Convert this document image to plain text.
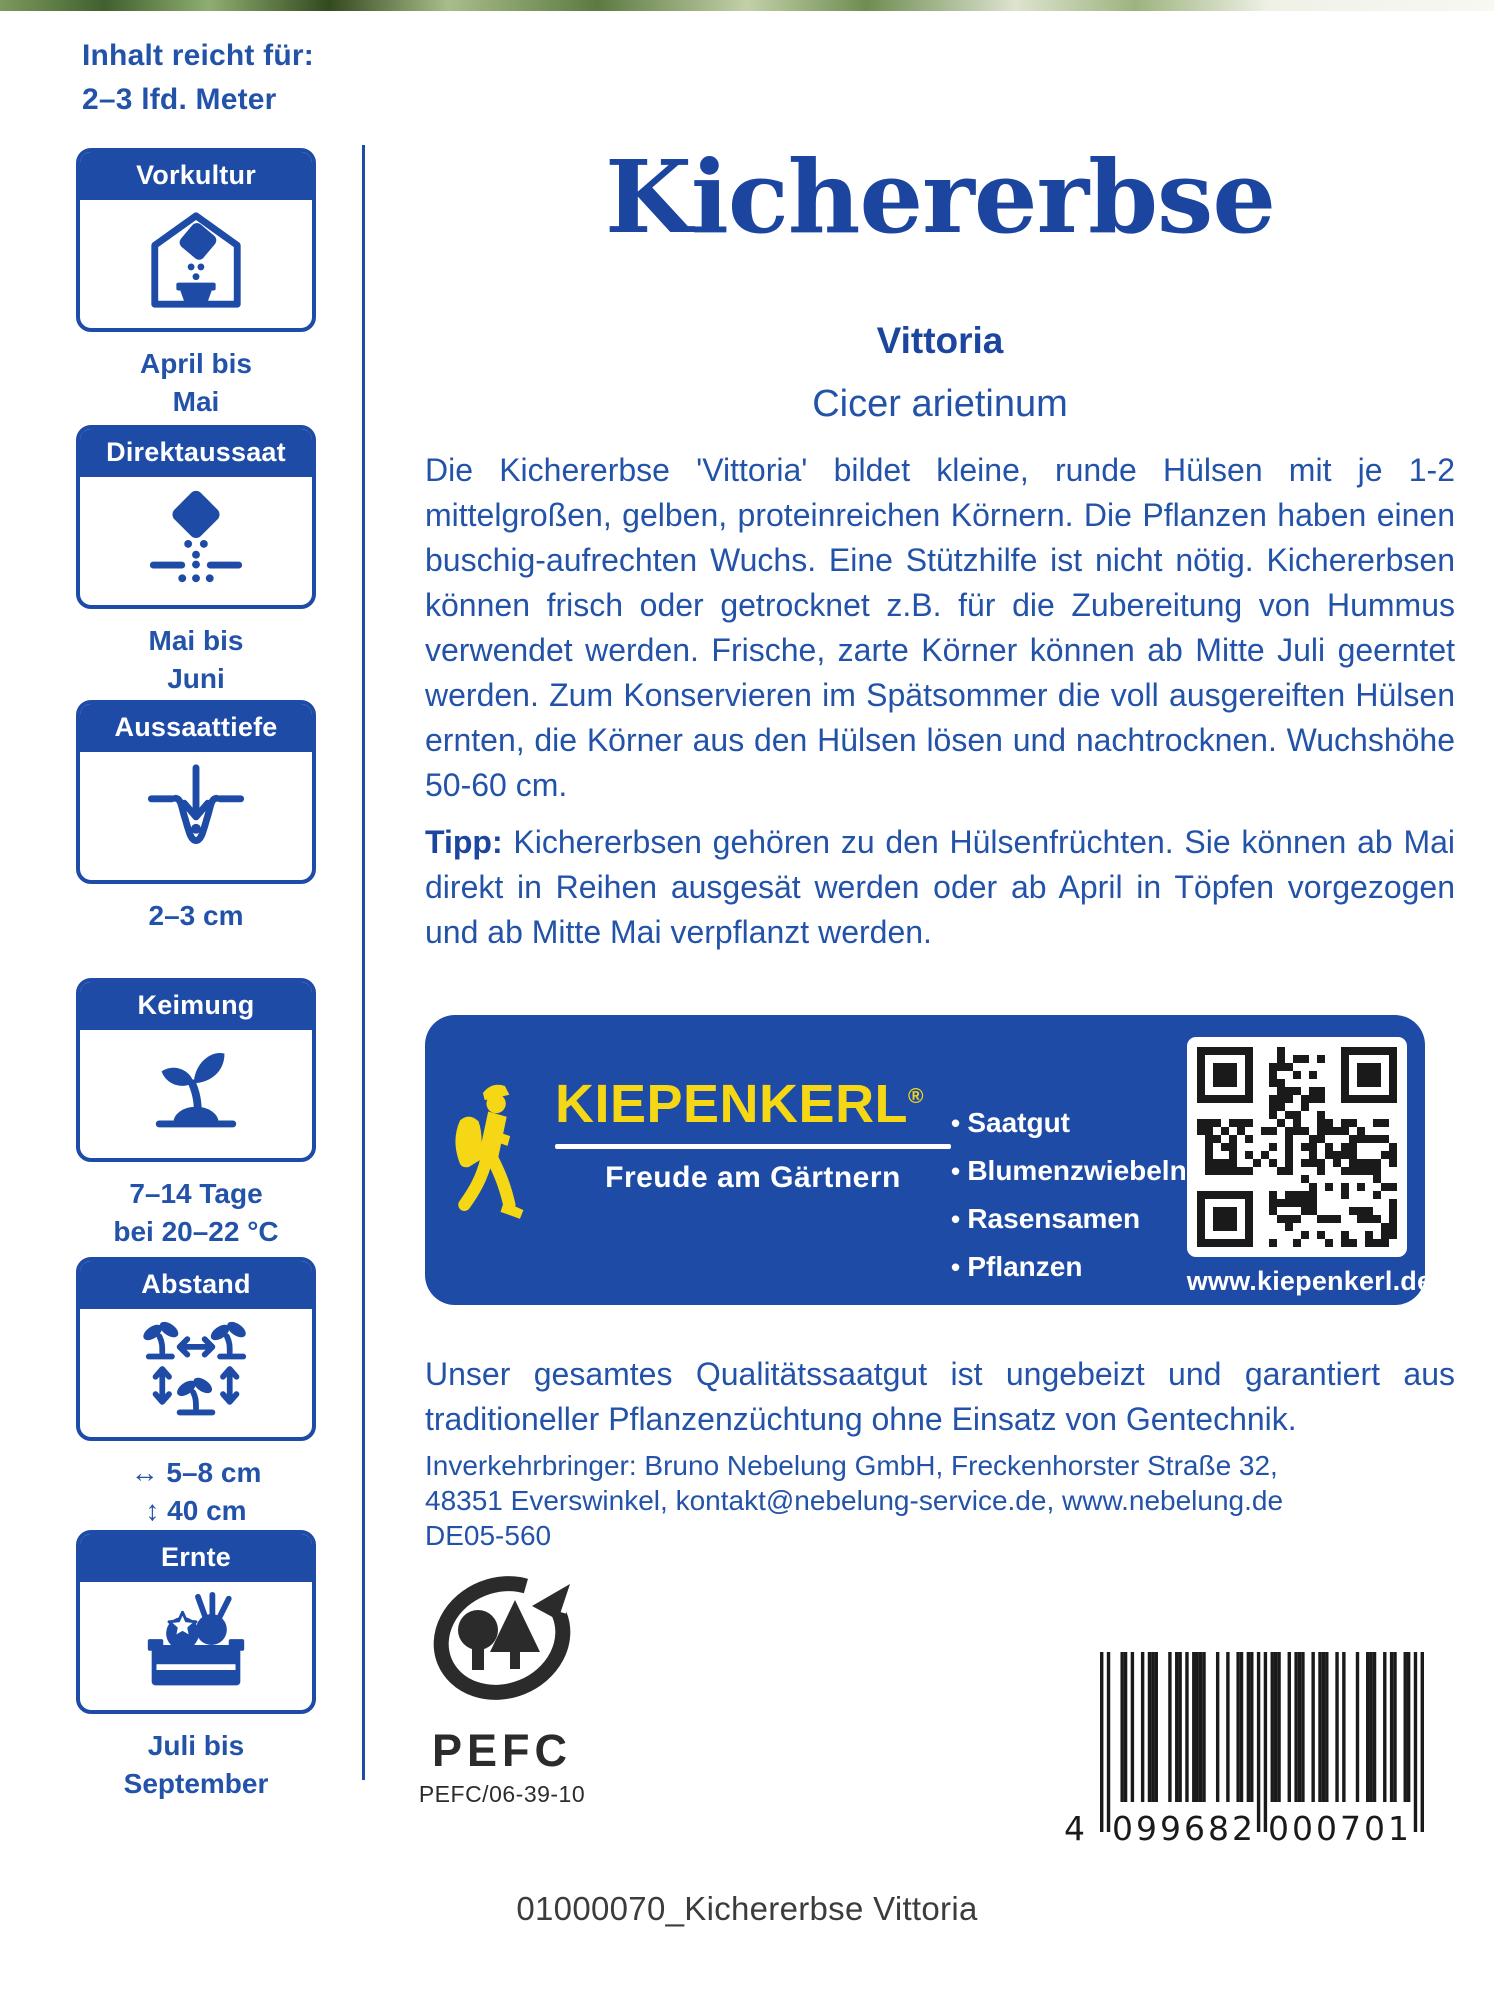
Inhalt reicht für:
2–3 lfd. Meter
Vorkultur
April bis
Mai
Direktaussaat
Mai bis
Juni
Aussaattiefe
2–3 cm
Keimung
7–14 Tage
bei 20–22 °C
Abstand
↔ 5–8 cm
↕ 40 cm
Ernte
Juli bis
September
Kichererbse
Vittoria
Cicer arietinum

Die Kichererbse 'Vittoria' bildet kleine, runde Hülsen mit je 1-2 mittelgroßen, gelben, proteinreichen Körnern. Die Pflanzen haben einen buschig-aufrechten Wuchs. Eine Stützhilfe ist nicht nötig. Kichererbsen können frisch oder getrocknet z.B. für die Zubereitung von Hummus verwendet werden. Frische, zarte Körner können ab Mitte Juli geerntet werden. Zum Konservieren im Spätsommer die voll ausgereiften Hülsen ernten, die Körner aus den Hülsen lösen und nachtrocknen. Wuchshöhe 50-60 cm.

Tipp: Kichererbsen gehören zu den Hülsenfrüchten. Sie können ab Mai direkt in Reihen ausgesät werden oder ab April in Töpfen vorgezogen und ab Mitte Mai verpflanzt werden.

KIEPENKERL®
Freude am Gärtnern
• Saatgut
• Blumenzwiebeln
• Rasensamen
• Pflanzen	www.kiepenkerl.de

Unser gesamtes Qualitätssaatgut ist ungebeizt und garantiert aus traditioneller Pflanzenzüchtung ohne Einsatz von Gentechnik.

Inverkehrbringer: Bruno Nebelung GmbH, Freckenhorster Straße 32,
48351 Everswinkel, kontakt@nebelung-service.de, www.nebelung.de
DE05-560
PEFC
PEFC/06-39-10
4 099682 000701
01000070_Kichererbse Vittoria
